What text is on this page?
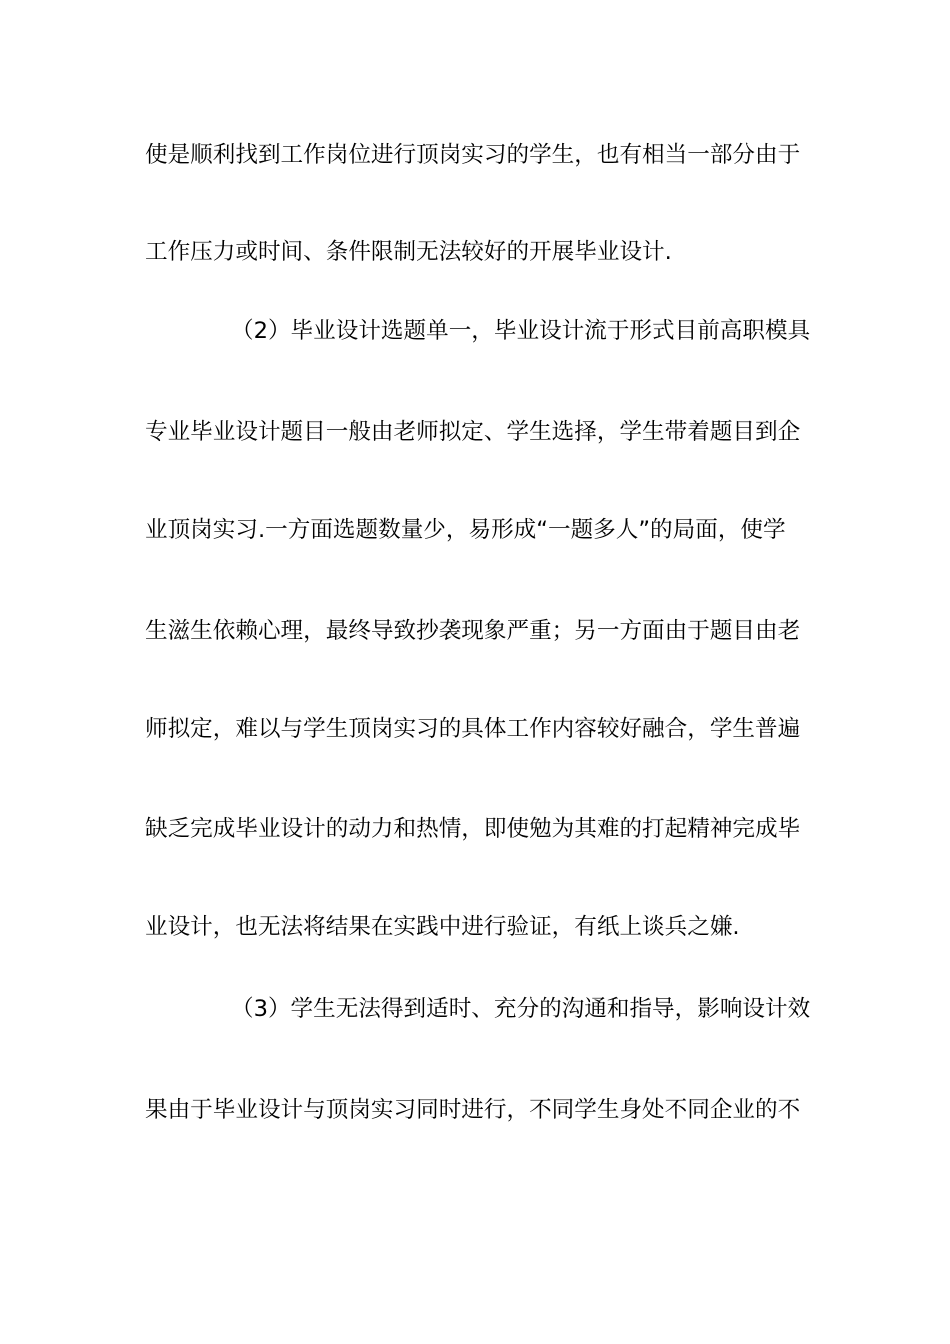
使是顺利找到工作岗位进行顶岗实习的学生，也有相当一部分由于
工作压力或时间、条件限制无法较好的开展毕业设计.
（2）毕业设计选题单一，毕业设计流于形式目前高职模具
专业毕业设计题目一般由老师拟定、学生选择，学生带着题目到企
业顶岗实习.一方面选题数量少，易形成“一题多人”的局面，使学
生滋生依赖心理，最终导致抄袭现象严重；另一方面由于题目由老
师拟定，难以与学生顶岗实习的具体工作内容较好融合，学生普遍
缺乏完成毕业设计的动力和热情，即使勉为其难的打起精神完成毕
业设计，也无法将结果在实践中进行验证，有纸上谈兵之嫌.
（3）学生无法得到适时、充分的沟通和指导，影响设计效
果由于毕业设计与顶岗实习同时进行，不同学生身处不同企业的不
